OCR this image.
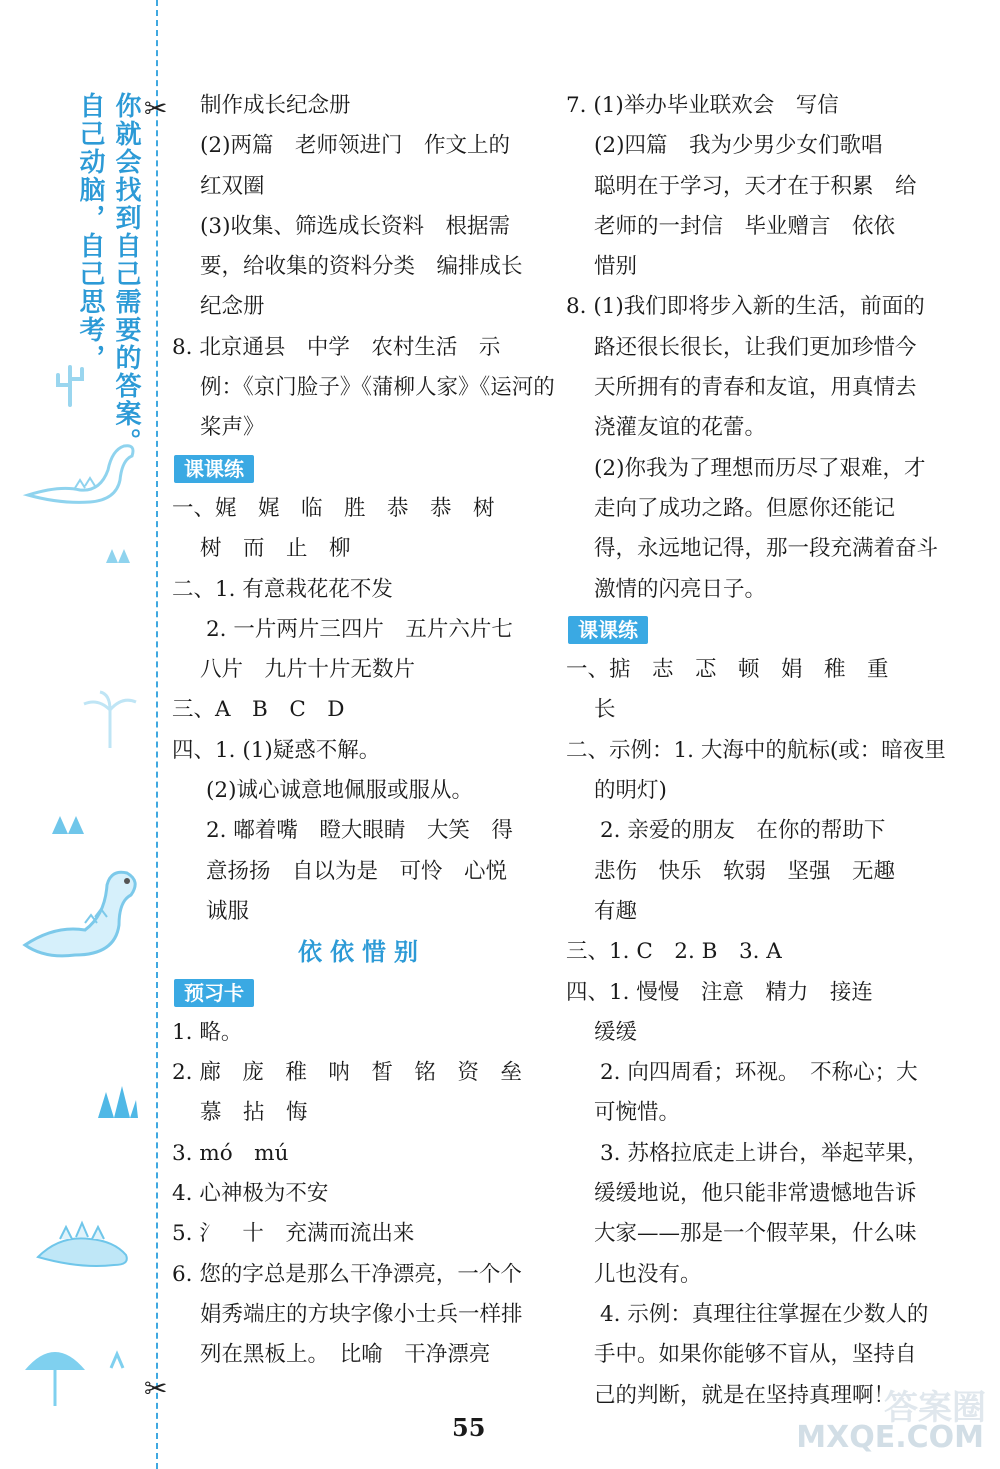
✂
✂
你就会找到自己需要的答案。
自己动脑，自己思考，	制作成长纪念册
(2)两篇　老师领进门　作文上的
红双圈
(3)收集、筛选成长资料　根据需
要，给收集的资料分类　编排成长
纪念册
8. 北京通县　中学　农村生活　示
例：《京门脸子》《蒲柳人家》《运河的
桨声》
课课练
一、娓　娓　临　胜　恭　恭　树
树　而　止　柳
二、1. 有意栽花花不发
2. 一片两片三四片　五片六片七
八片　九片十片无数片
三、A　B　C　D
四、1. (1)疑惑不解。
(2)诚心诚意地佩服或服从。
2. 嘟着嘴　瞪大眼睛　大笑　得
意扬扬　自以为是　可怜　心悦
诚服
依依惜别
预习卡
1. 略。
2. 廊　庞　稚　呐　皙　铭　资　垒
慕　拈　悔
3. mó　mú
4. 心神极为不安
5. 氵　十　充满而流出来
6. 您的字总是那么干净漂亮，一个个
娟秀端庄的方块字像小士兵一样排
列在黑板上。　比喻　干净漂亮
7. (1)举办毕业联欢会　写信
(2)四篇　我为少男少女们歌唱
聪明在于学习，天才在于积累　给
老师的一封信　毕业赠言　依依
惜别
8. (1)我们即将步入新的生活，前面的
路还很长很长，让我们更加珍惜今
天所拥有的青春和友谊，用真情去
浇灌友谊的花蕾。
(2)你我为了理想而历尽了艰难，才
走向了成功之路。但愿你还能记
得，永远地记得，那一段充满着奋斗
激情的闪亮日子。
课课练
一、掂　志　忑　顿　娟　稚　重
长
二、示例：1. 大海中的航标(或：暗夜里
的明灯)
2. 亲爱的朋友　在你的帮助下
悲伤　快乐　软弱　坚强　无趣
有趣
三、1. C　2. B　3. A
四、1. 慢慢　注意　精力　接连
缓缓
2. 向四周看；环视。　不称心；大
可惋惜。
3. 苏格拉底走上讲台，举起苹果，
缓缓地说，他只能非常遗憾地告诉
大家——那是一个假苹果，什么味
儿也没有。
4. 示例：真理往往掌握在少数人的
手中。如果你能够不盲从，坚持自
己的判断，就是在坚持真理啊！
55	答案圈
MXQE.COM
